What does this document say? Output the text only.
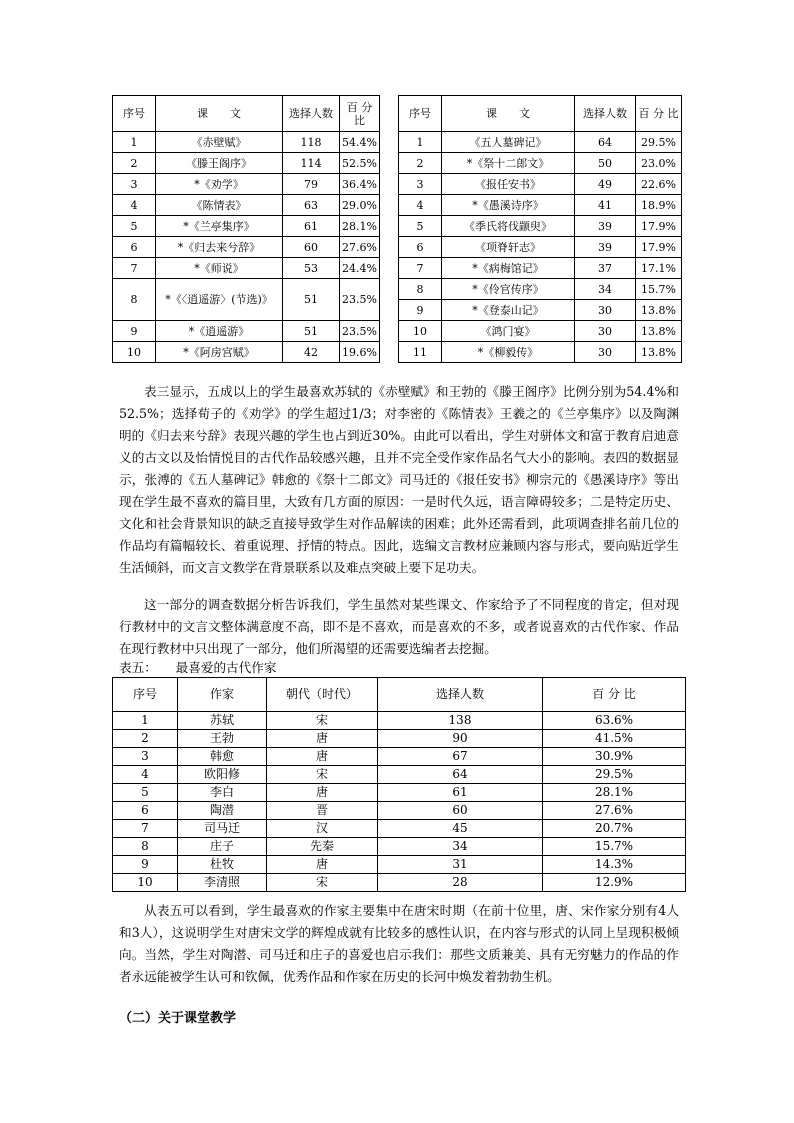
序号	课　　文	选择人数	百 分 比
1	《赤壁赋》	118	54.4%
2	《滕王阁序》	114	52.5%
3	*《劝学》	79	36.4%
4	《陈情表》	63	29.0%
5	*《兰亭集序》	61	28.1%
6	*《归去来兮辞》	60	27.6%
7	*《师说》	53	24.4%
8	*《〈逍遥游〉(节选)》	51	23.5%
9	*《逍遥游》	51	23.5%
10	*《阿房宫赋》	42	19.6%
序号	课　　文	选择人数	百 分 比
1	《五人墓碑记》	64	29.5%
2	*《祭十二郎文》	50	23.0%
3	《报任安书》	49	22.6%
4	*《愚溪诗序》	41	18.9%
5	《季氏将伐颛臾》	39	17.9%
6	《项脊轩志》	39	17.9%
7	*《病梅馆记》	37	17.1%
8	*《伶官传序》	34	15.7%
9	*《登泰山记》	30	13.8%
10	《鸿门宴》	30	13.8%
11	*《柳毅传》	30	13.8%

表三显示，五成以上的学生最喜欢苏轼的《赤壁赋》和王勃的《滕王阁序》比例分别为54.4%和52.5%；选择荀子的《劝学》的学生超过1/3；对李密的《陈情表》王羲之的《兰亭集序》以及陶渊明的《归去来兮辞》表现兴趣的学生也占到近30%。由此可以看出，学生对骈体文和富于教育启迪意义的古文以及怡情悦目的古代作品较感兴趣，且并不完全受作家作品名气大小的影响。表四的数据显示，张溥的《五人墓碑记》韩愈的《祭十二郎文》司马迁的《报任安书》柳宗元的《愚溪诗序》等出现在学生最不喜欢的篇目里，大致有几方面的原因：一是时代久远，语言障碍较多；二是特定历史、文化和社会背景知识的缺乏直接导致学生对作品解读的困难；此外还需看到，此项调查排名前几位的作品均有篇幅较长、着重说理、抒情的特点。因此，选编文言教材应兼顾内容与形式，要向贴近学生生活倾斜，而文言文教学在背景联系以及难点突破上要下足功夫。

这一部分的调查数据分析告诉我们，学生虽然对某些课文、作家给予了不同程度的肯定，但对现行教材中的文言文整体满意度不高，即不是不喜欢，而是喜欢的不多，或者说喜欢的古代作家、作品在现行教材中只出现了一部分，他们所渴望的还需要选编者去挖掘。

表五：　　最喜爱的古代作家

序号	作家	朝代（时代）	选择人数	百 分 比
1	苏轼	宋	138	63.6%
2	王勃	唐	90	41.5%
3	韩愈	唐	67	30.9%
4	欧阳修	宋	64	29.5%
5	李白	唐	61	28.1%
6	陶潜	晋	60	27.6%
7	司马迁	汉	45	20.7%
8	庄子	先秦	34	15.7%
9	杜牧	唐	31	14.3%
10	李清照	宋	28	12.9%

从表五可以看到，学生最喜欢的作家主要集中在唐宋时期（在前十位里，唐、宋作家分别有4人和3人），这说明学生对唐宋文学的辉煌成就有比较多的感性认识，在内容与形式的认同上呈现积极倾向。当然，学生对陶潜、司马迁和庄子的喜爱也启示我们：那些文质兼美、具有无穷魅力的作品的作者永远能被学生认可和钦佩，优秀作品和作家在历史的长河中焕发着勃勃生机。

（二）关于课堂教学
